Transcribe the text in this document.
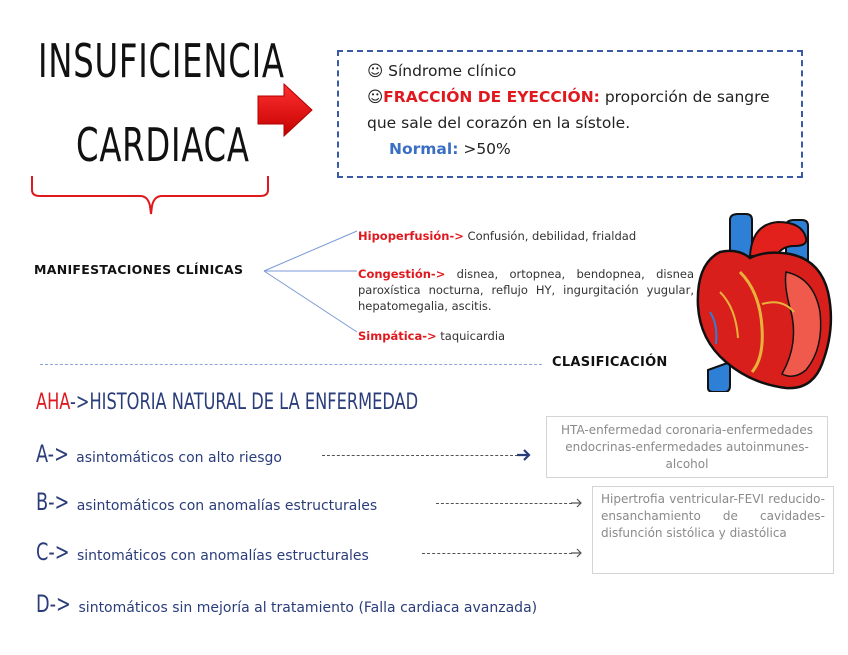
INSUFICIENCIA
CARDIACA
☺ Síndrome clínico
☺FRACCIÓN DE EYECCIÓN: proporción de sangre que sale del corazón en la sístole.
Normal: >50%
MANIFESTACIONES CLÍNICAS
Hipoperfusión-> Confusión, debilidad, frialdad
Congestión-> disnea, ortopnea, bendopnea, disnea paroxística nocturna, reflujo HY, ingurgitación yugular, hepatomegalia, ascitis.
Simpática-> taquicardia
CLASIFICACIÓN
AHA->HISTORIA NATURAL DE LA ENFERMEDAD
A-> asintomáticos con alto riesgo
HTA-enfermedad coronaria-enfermedades endocrinas-enfermedades autoinmunes-alcohol
B-> asintomáticos con anomalías estructurales
C-> sintomáticos con anomalías estructurales
Hipertrofia ventricular-FEVI reducido-ensanchamiento de cavidades-disfunción sistólica y diastólica
D-> sintomáticos sin mejoría al tratamiento (Falla cardiaca avanzada)
